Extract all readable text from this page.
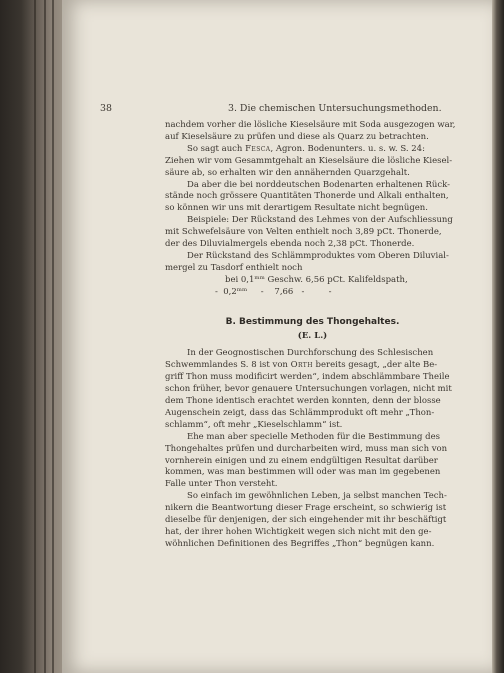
38	3. Die chemischen Untersuchungsmethoden.
nachdem vorher die lösliche Kieselsäure mit Soda ausgezogen war,
auf Kieselsäure zu prüfen und diese als Quarz zu betrachten.
So sagt auch Fesca, Agron. Bodenunters. u. s. w. S. 24:
Ziehen wir vom Gesammtgehalt an Kieselsäure die lösliche Kiesel-
säure ab, so erhalten wir den annähernden Quarzgehalt.
Da aber die bei norddeutschen Bodenarten erhaltenen Rück-
stände noch grössere Quantitäten Thonerde und Alkali enthalten,
so können wir uns mit derartigem Resultate nicht begnügen.
Beispiele: Der Rückstand des Lehmes von der Aufschliessung
mit Schwefelsäure von Velten enthielt noch 3,89 pCt. Thonerde,
der des Diluvialmergels ebenda noch 2,38 pCt. Thonerde.
Der Rückstand des Schlämmproduktes vom Oberen Diluvial-
mergel zu Tasdorf enthielt noch
bei 0,1ᵐᵐ Geschw. 6,56 pCt. Kalifeldspath,
-  0,2ᵐᵐ     -    7,66   -         -
B. Bestimmung des Thongehaltes.
(E. L.)
In der Geognostischen Durchforschung des Schlesischen
Schwemmlandes S. 8 ist von Orth bereits gesagt, „der alte Be-
griff Thon muss modificirt werden“, indem abschlämmbare Theile
schon früher, bevor genauere Untersuchungen vorlagen, nicht mit
dem Thone identisch erachtet werden konnten, denn der blosse
Augenschein zeigt, dass das Schlämmprodukt oft mehr „Thon-
schlamm“, oft mehr „Kieselschlamm“ ist.
Ehe man aber specielle Methoden für die Bestimmung des
Thongehaltes prüfen und durcharbeiten wird, muss man sich von
vornherein einigen und zu einem endgültigen Resultat darüber
kommen, was man bestimmen will oder was man im gegebenen
Falle unter Thon versteht.
So einfach im gewöhnlichen Leben, ja selbst manchen Tech-
nikern die Beantwortung dieser Frage erscheint, so schwierig ist
dieselbe für denjenigen, der sich eingehender mit ihr beschäftigt
hat, der ihrer hohen Wichtigkeit wegen sich nicht mit den ge-
wöhnlichen Definitionen des Begriffes „Thon“ begnügen kann.
